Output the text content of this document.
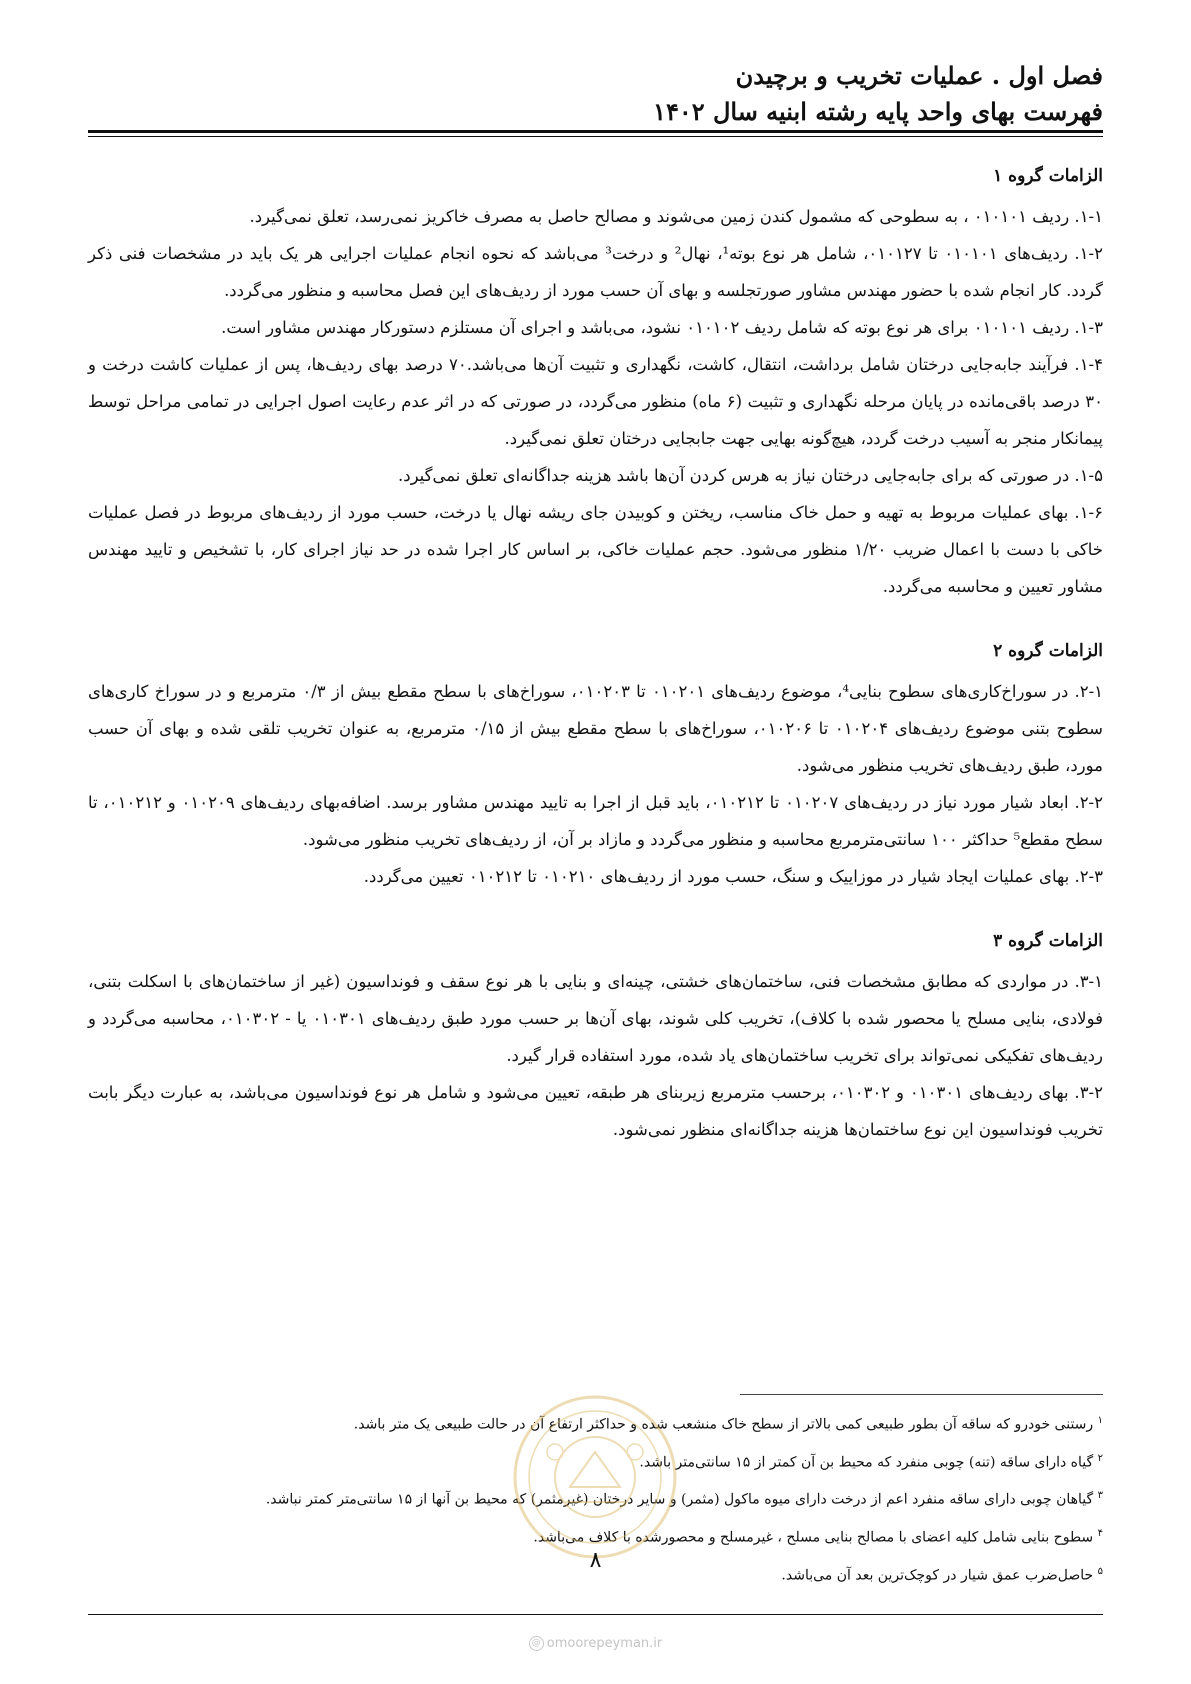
فصل اول . عملیات تخریب و برچیدن
فهرست بهای واحد پایه رشته ابنیه سال ۱۴۰۲
الزامات گروه ۱

۱-۱. ردیف ۰۱۰۱۰۱ ، به سطوحی که مشمول کندن زمین می‌شوند و مصالح حاصل به مصرف خاکریز نمی‌رسد، تعلق نمی‌گیرد.

۱-۲. ردیف‌های ۰۱۰۱۰۱ تا ۰۱۰۱۲۷، شامل هر نوع بوته¹، نهال² و درخت³ می‌باشد که نحوه انجام عملیات اجرایی هر یک باید در مشخصات فنی ذکر گردد. کار انجام شده با حضور مهندس مشاور صورتجلسه و بهای آن حسب مورد از ردیف‌های این فصل محاسبه و منظور می‌گردد.

۱-۳. ردیف ۰۱۰۱۰۱ برای هر نوع بوته که شامل ردیف ۰۱۰۱۰۲ نشود، می‌باشد و اجرای آن مستلزم دستورکار مهندس مشاور است.

۱-۴. فرآیند جابه‌جایی درختان شامل برداشت، انتقال، کاشت، نگهداری و تثبیت آن‌ها می‌باشد.۷۰ درصد بهای ردیف‌ها، پس از عملیات کاشت درخت و ۳۰ درصد باقی‌مانده در پایان مرحله نگهداری و تثبیت (۶ ماه) منظور می‌گردد، در صورتی که در اثر عدم رعایت اصول اجرایی در تمامی مراحل توسط پیمانکار منجر به آسیب درخت گردد، هیچ‌گونه بهایی جهت جابجایی درختان تعلق نمی‌گیرد.

۱-۵. در صورتی که برای جابه‌جایی درختان نیاز به هرس کردن آن‌ها باشد هزینه جداگانه‌ای تعلق نمی‌گیرد.

۱-۶. بهای عملیات مربوط به تهیه و حمل خاک مناسب، ریختن و کوبیدن جای ریشه نهال یا درخت، حسب مورد از ردیف‌های مربوط در فصل عملیات خاکی با دست با اعمال ضریب ۱/۲۰ منظور می‌شود. حجم عملیات خاکی، بر اساس کار اجرا شده در حد نیاز اجرای کار، با تشخیص و تایید مهندس مشاور تعیین و محاسبه می‌گردد.

الزامات گروه ۲

۲-۱. در سوراخ‌کاری‌های سطوح بنایی⁴، موضوع ردیف‌های ۰۱۰۲۰۱ تا ۰۱۰۲۰۳، سوراخ‌های با سطح مقطع بیش از ۰/۳ مترمربع و در سوراخ کاری‌های سطوح بتنی موضوع ردیف‌های ۰۱۰۲۰۴ تا ۰۱۰۲۰۶، سوراخ‌های با سطح مقطع بیش از ۰/۱۵ مترمربع، به عنوان تخریب تلقی شده و بهای آن حسب مورد، طبق ردیف‌های تخریب منظور می‌شود.

۲-۲. ابعاد شیار مورد نیاز در ردیف‌های ۰۱۰۲۰۷ تا ۰۱۰۲۱۲، باید قبل از اجرا به تایید مهندس مشاور برسد. اضافه‌بهای ردیف‌های ۰۱۰۲۰۹ و ۰۱۰۲۱۲، تا سطح مقطع⁵ حداکثر ۱۰۰ سانتی‌مترمربع محاسبه و منظور می‌گردد و مازاد بر آن، از ردیف‌های تخریب منظور می‌شود.

۲-۳. بهای عملیات ایجاد شیار در موزاییک و سنگ، حسب مورد از ردیف‌های ۰۱۰۲۱۰ تا ۰۱۰۲۱۲ تعیین می‌گردد.

الزامات گروه ۳

۳-۱. در مواردی که مطابق مشخصات فنی، ساختمان‌های خشتی، چینه‌ای و بنایی با هر نوع سقف و فونداسیون (غیر از ساختمان‌های با اسکلت بتنی، فولادی، بنایی مسلح یا محصور شده با کلاف)، تخریب کلی شوند، بهای آن‌ها بر حسب مورد طبق ردیف‌های ۰۱۰۳۰۱ یا - ۰۱۰۳۰۲، محاسبه می‌گردد و ردیف‌های تفکیکی نمی‌تواند برای تخریب ساختمان‌های یاد شده، مورد استفاده قرار گیرد.

۳-۲. بهای ردیف‌های ۰۱۰۳۰۱ و ۰۱۰۳۰۲، برحسب مترمربع زیربنای هر طبقه، تعیین می‌شود و شامل هر نوع فونداسیون می‌باشد، به عبارت دیگر بابت تخریب فونداسیون این نوع ساختمان‌ها هزینه جداگانه‌ای منظور نمی‌شود.

$^۱$ رستنی خودرو که ساقه آن بطور طبیعی کمی بالاتر از سطح خاک منشعب شده و حداکثر ارتفاع آن در حالت طبیعی یک متر باشد.
$^۲$ گیاه دارای ساقه (تنه) چوبی منفرد که محیط بن آن کمتر از ۱۵ سانتی‌متر باشد.
$^۳$ گیاهان چوبی دارای ساقه منفرد اعم از درخت دارای میوه ماکول (مثمر) و سایر درختان (غیرمثمر) که محیط بن آنها از ۱۵ سانتی‌متر کمتر نباشد.
$^۴$ سطوح بنایی شامل کلیه اعضای با مصالح بنایی مسلح ، غیرمسلح و محصورشده با کلاف می‌باشد.
$^۵$ حاصل‌ضرب عمق شیار در کوچک‌ترین بعد آن می‌باشد.
۸
@ omoorepeyman.ir
